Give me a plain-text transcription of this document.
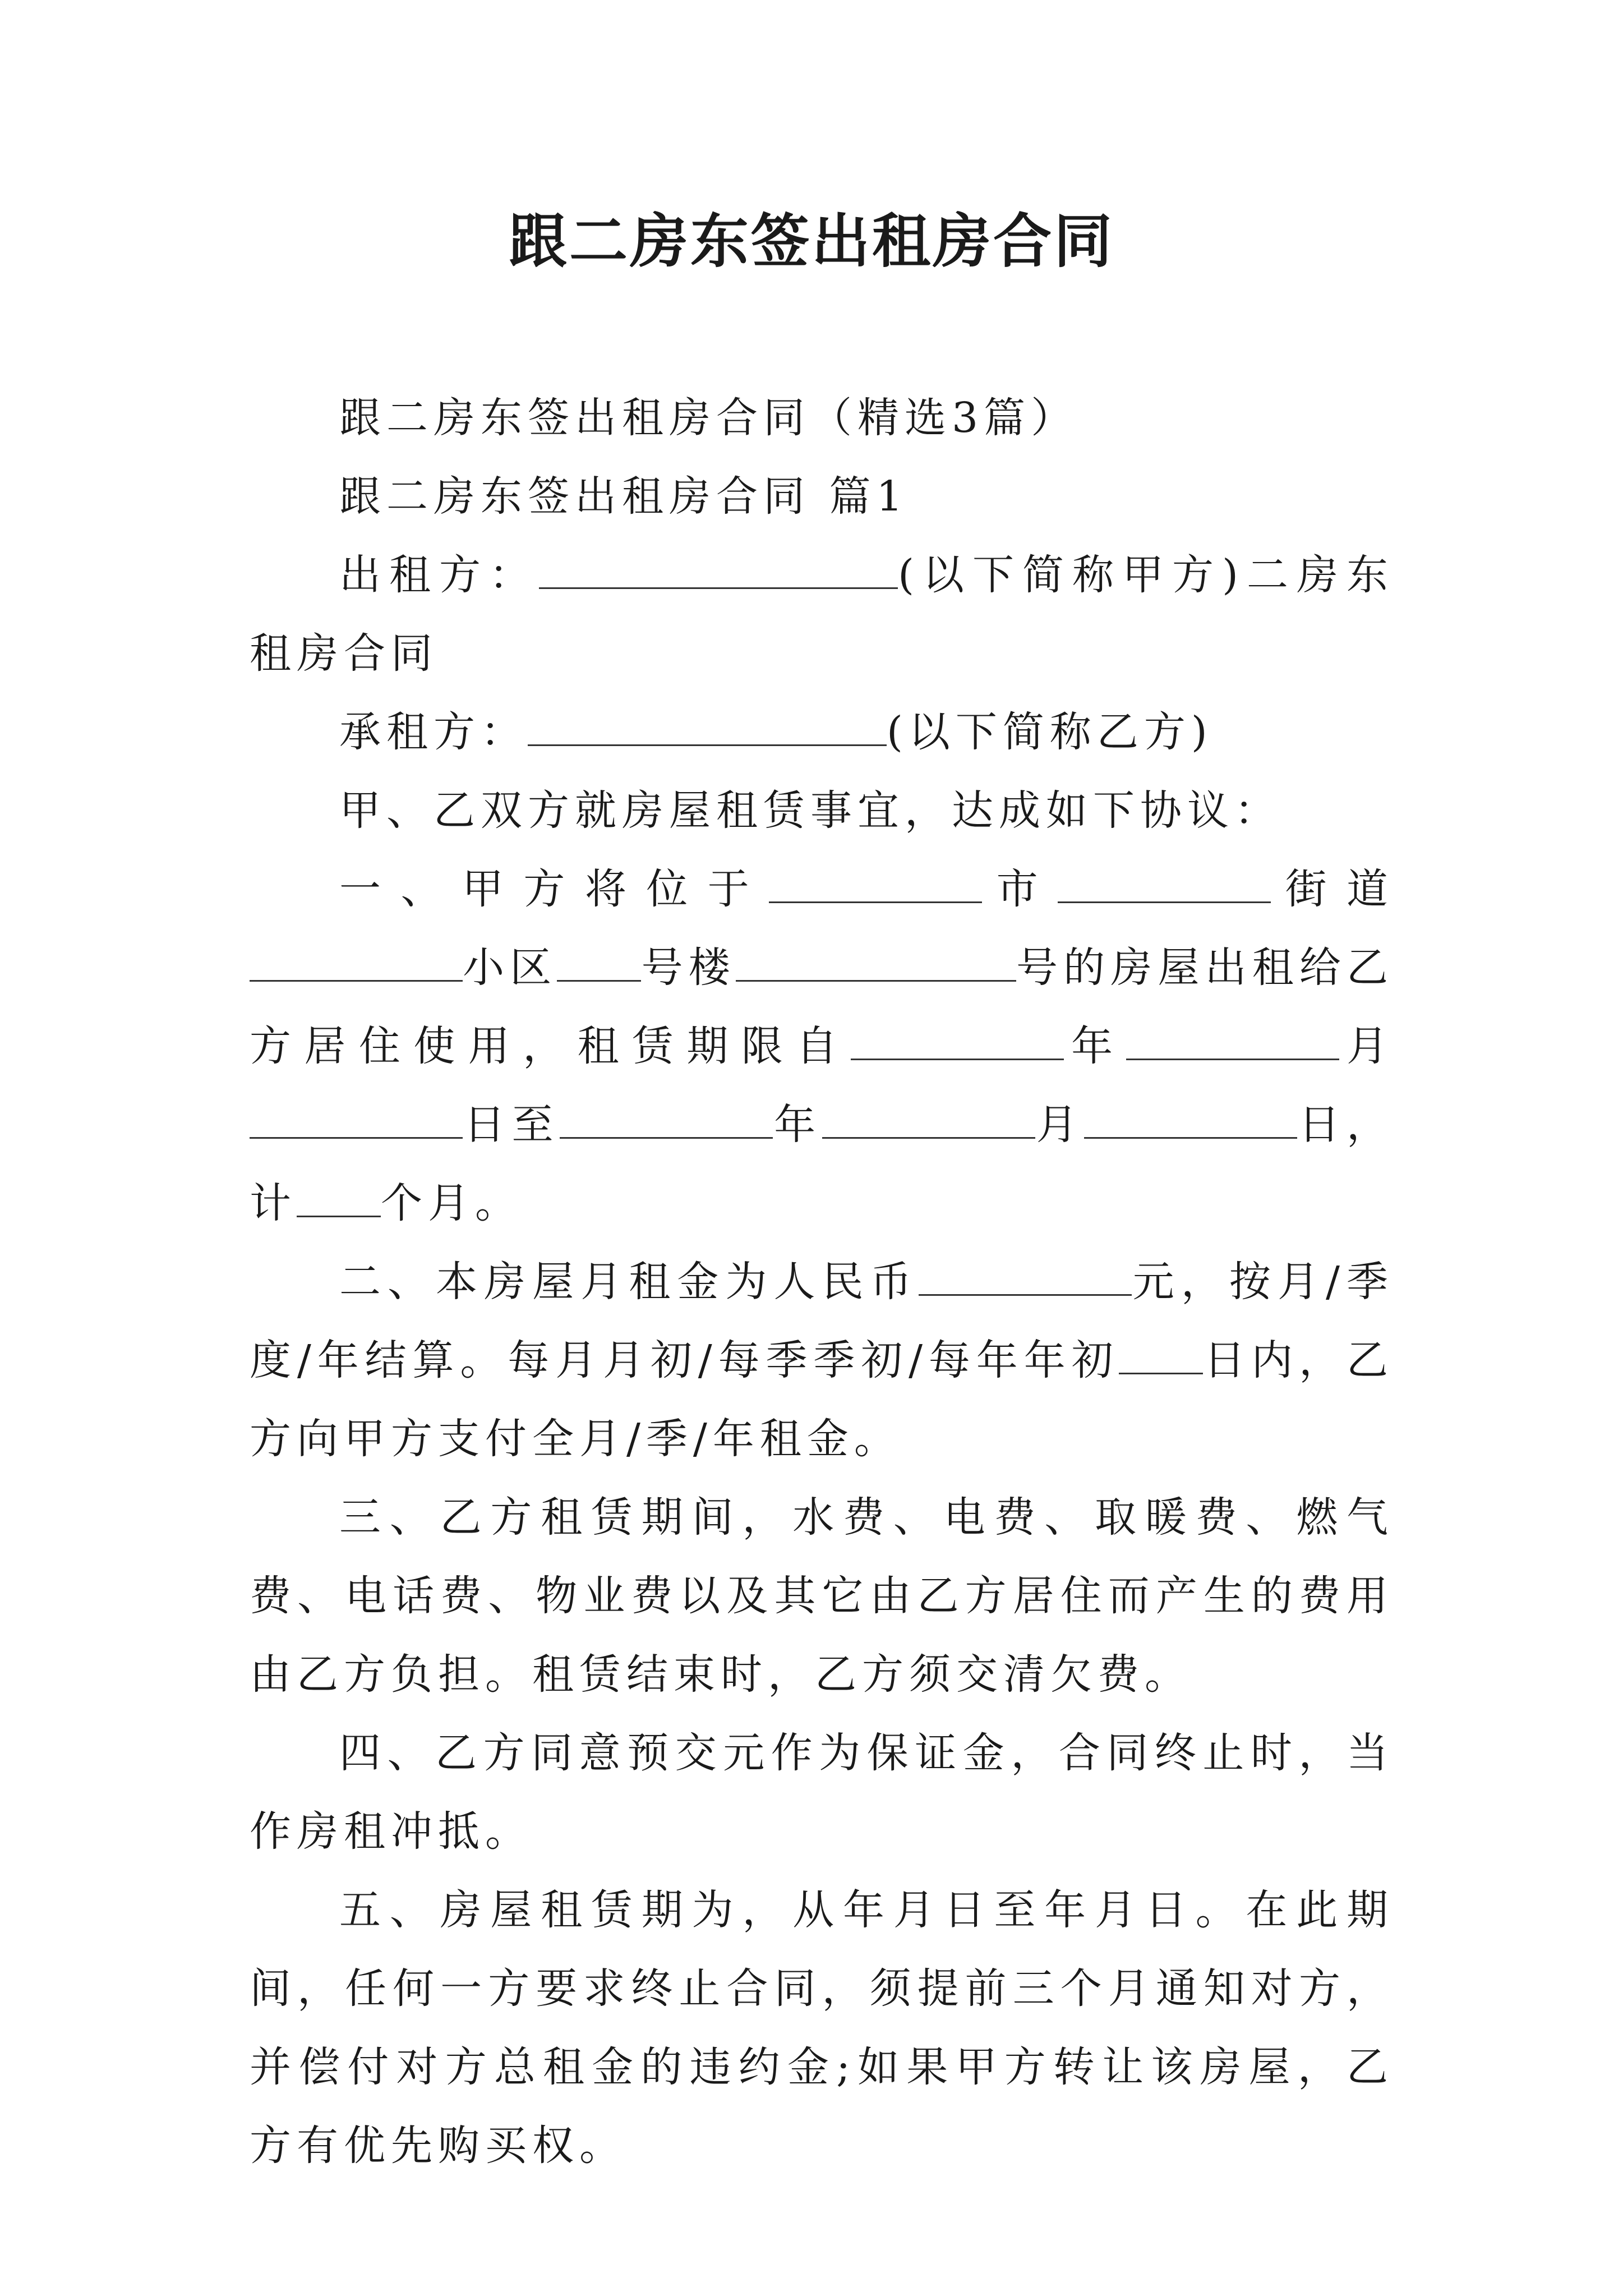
跟二房东签出租房合同

跟二房东签出租房合同（精选3篇）

跟二房东签出租房合同 篇1

出租方：	(以下简称甲方)二房东租房合同

承租方：	(以下简称乙方)

甲、乙双方就房屋租赁事宜，达成如下协议：

一、甲方将位于	市	街道小区 号楼	号的房屋出租给乙方居住使用，租赁期限自	年	月日至	年	月	日，计 个月。

二、本房屋月租金为人民币	元，按月/季度/年结算。每月月初/每季季初/每年年初 日内，乙方向甲方支付全月/季/年租金。

三、乙方租赁期间，水费、电费、取暖费、燃气费、电话费、物业费以及其它由乙方居住而产生的费用由乙方负担。租赁结束时，乙方须交清欠费。

四、乙方同意预交元作为保证金，合同终止时，当作房租冲抵。

五、房屋租赁期为，从年月日至年月日。在此期间，任何一方要求终止合同，须提前三个月通知对方，并偿付对方总租金的违约金;如果甲方转让该房屋，乙方有优先购买权。
